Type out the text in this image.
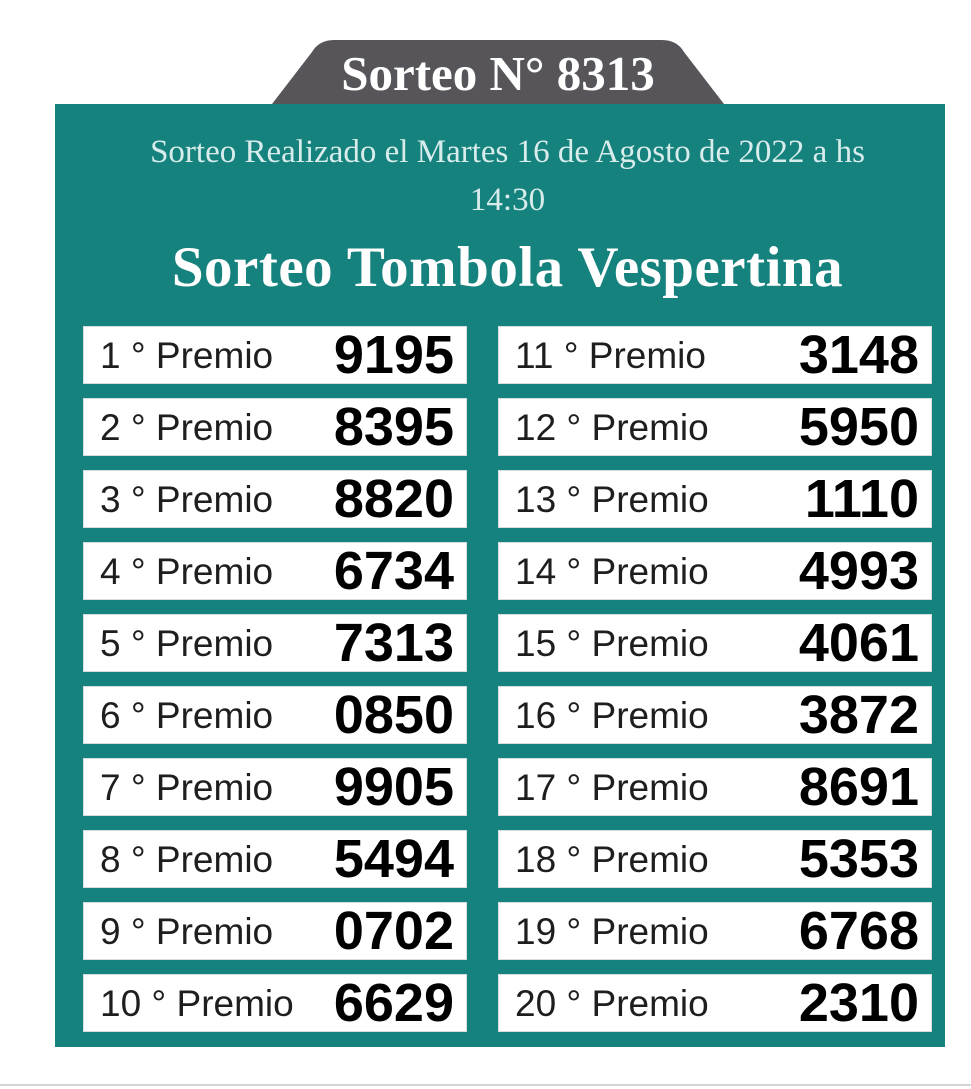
Sorteo N° 8313
Sorteo Realizado el Martes 16 de Agosto de 2022 a hs
14:30
Sorteo Tombola Vespertina
1 ° Premio 9195
2 ° Premio 8395
3 ° Premio 8820
4 ° Premio 6734
5 ° Premio 7313
6 ° Premio 0850
7 ° Premio 9905
8 ° Premio 5494
9 ° Premio 0702
10 ° Premio 6629
11 ° Premio 3148
12 ° Premio 5950
13 ° Premio 1110
14 ° Premio 4993
15 ° Premio 4061
16 ° Premio 3872
17 ° Premio 8691
18 ° Premio 5353
19 ° Premio 6768
20 ° Premio 2310
